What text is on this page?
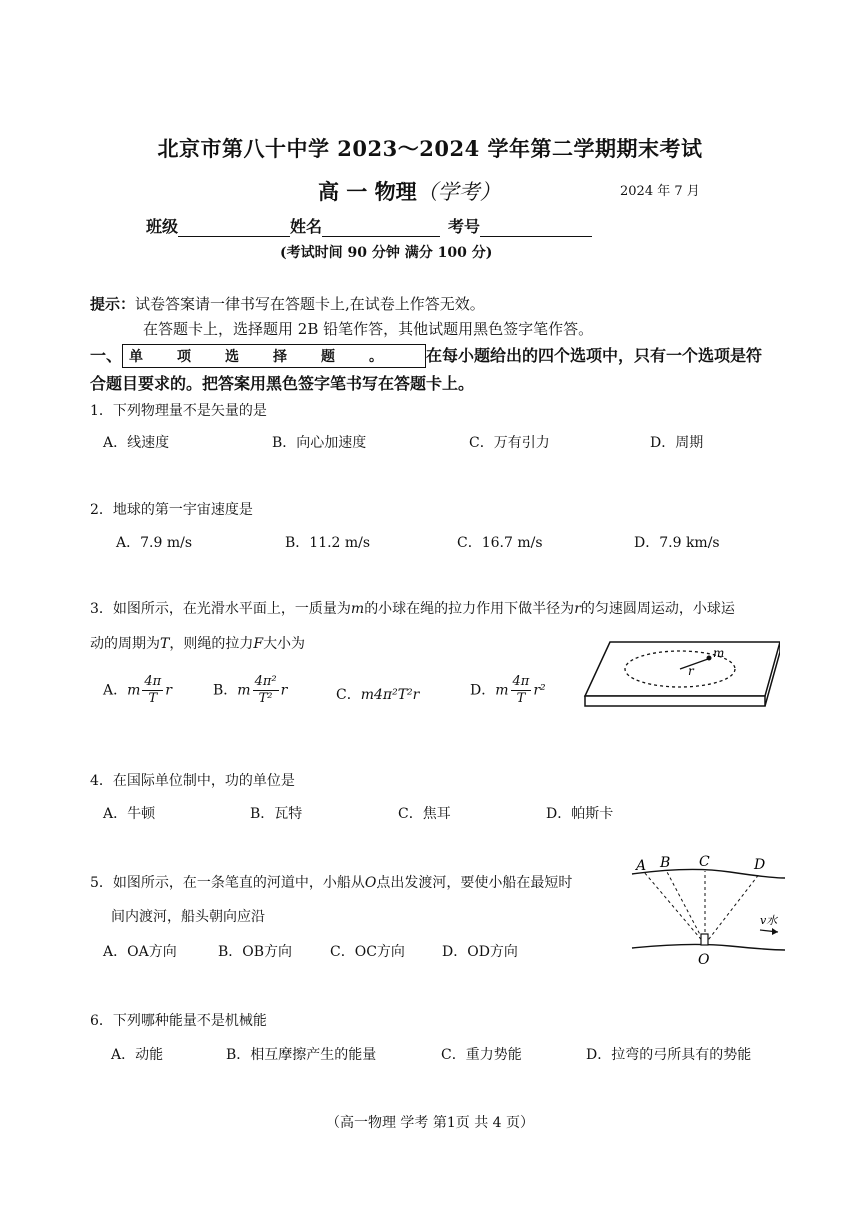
北京市第八十中学 2023～2024 学年第二学期期末考试
高 一 物理（学考）	2024 年 7 月
班级	姓名	考号
(考试时间 90 分钟 满分 100 分)
提示：试卷答案请一律书写在答题卡上,在试卷上作答无效。
在答题卡上，选择题用 2B 铅笔作答，其他试题用黑色签字笔作答。
一、 单项选择题。 在每小题给出的四个选项中，只有一个选项是符
合题目要求的。把答案用黑色签字笔书写在答题卡上。
1．下列物理量不是矢量的是
A．线速度	B．向心加速度	C．万有引力	D．周期
2．地球的第一宇宙速度是
A．7.9 m/s	B．11.2 m/s	C．16.7 m/s	D．7.9 km/s
3．如图所示，在光滑水平面上，一质量为m的小球在绳的拉力作用下做半径为r的匀速圆周运动，小球运
动的周期为T，则绳的拉力F大小为
A．m $\frac{4\pi}{T}$ r	B．m $\frac{\text{4π²}}{\text{T²}}$ r	C．m4π²T²r	D．m $\frac{4\pi}{T} r^2$
m
r
4．在国际单位制中，功的单位是
A．牛顿	B．瓦特	C．焦耳	D．帕斯卡
5．如图所示，在一条笔直的河道中，小船从O点出发渡河，要使小船在最短时
间内渡河，船头朝向应沿
A．OA方向	B．OB方向	C．OC方向	D．OD方向
A B C	D
O
v水
6．下列哪种能量不是机械能
A．动能	B．相互摩擦产生的能量	C．重力势能	D．拉弯的弓所具有的势能
（高一物理 学考 第1页 共 4 页）
